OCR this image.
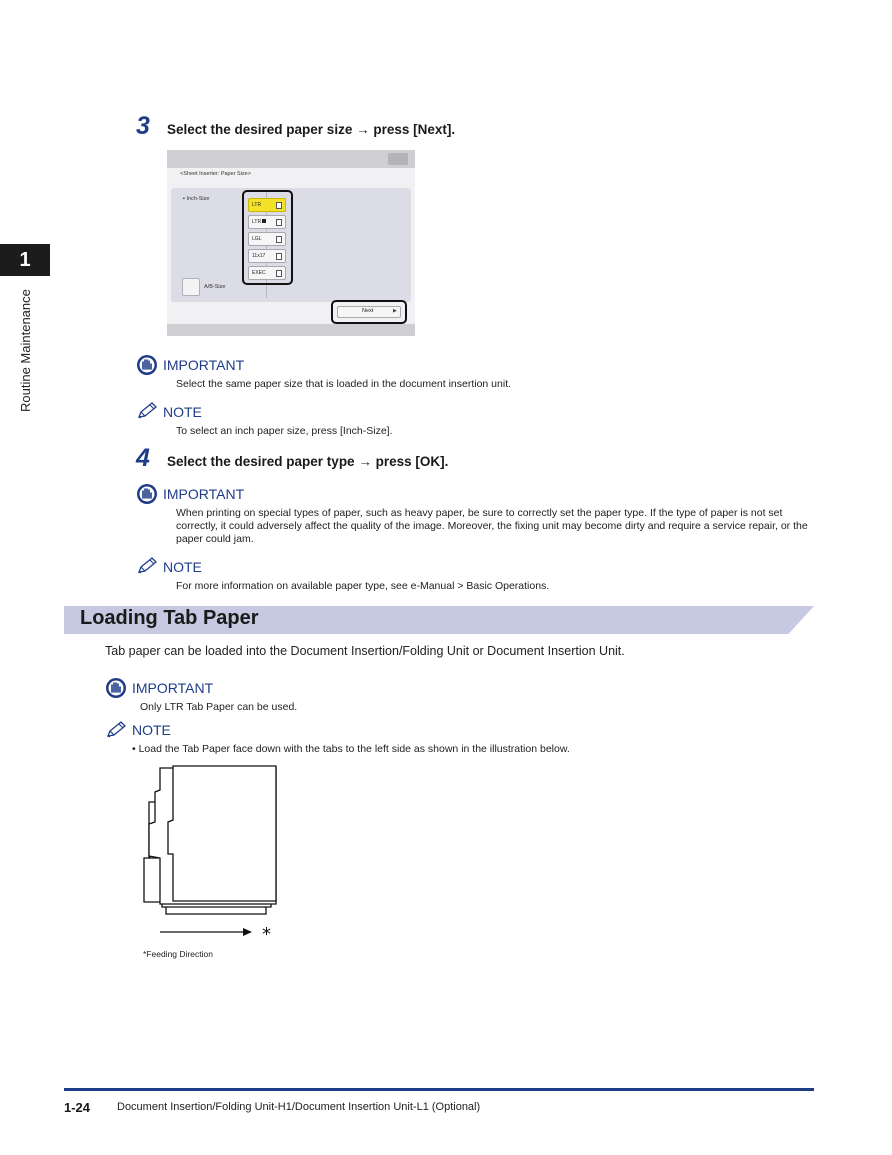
1
Routine Maintenance
3 Select the desired paper size → press [Next].
<Sheet Inserter: Paper Size>
▪ Inch-Size
A/B-Size
LTR
LTR
LGL
11x17
EXEC
Next	▶
IMPORTANT
Select the same paper size that is loaded in the document insertion unit.
NOTE
To select an inch paper size, press [Inch-Size].
4 Select the desired paper type → press [OK].
IMPORTANT
When printing on special types of paper, such as heavy paper, be sure to correctly set the paper type. If the type of paper is not set correctly, it could adversely affect the quality of the image. Moreover, the fixing unit may become dirty and require a service repair, or the paper could jam.
NOTE
For more information on available paper type, see e-Manual > Basic Operations.
Loading Tab Paper
Tab paper can be loaded into the Document Insertion/Folding Unit or Document Insertion Unit.
IMPORTANT
Only LTR Tab Paper can be used.
NOTE
• Load the Tab Paper face down with the tabs to the left side as shown in the illustration below.
*
*Feeding Direction
1-24 Document Insertion/Folding Unit-H1/Document Insertion Unit-L1 (Optional)
